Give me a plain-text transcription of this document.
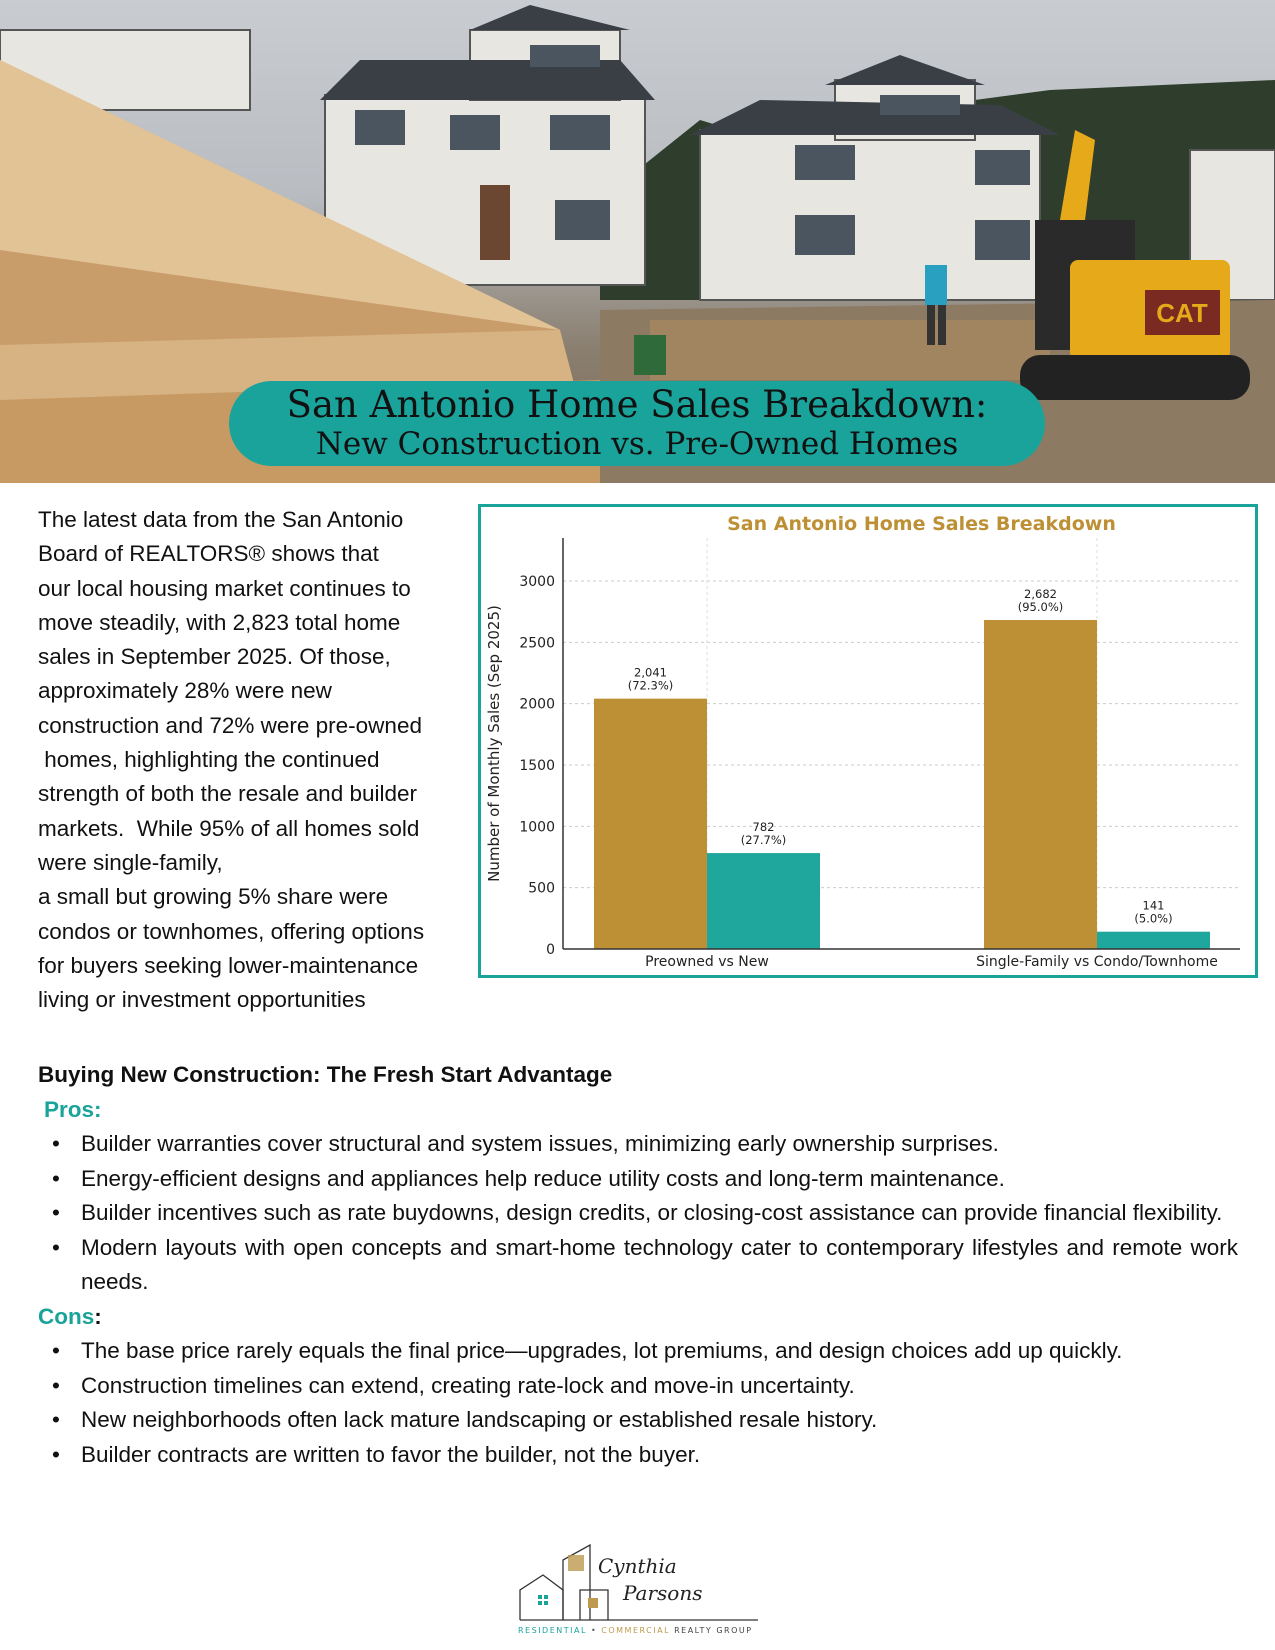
CAT
San Antonio Home Sales Breakdown:
New Construction vs. Pre-Owned Homes
The latest data from the San Antonio
Board of REALTORS® shows that
our local housing market continues to
move steadily, with 2,823 total home
sales in September 2025. Of those,
approximately 28% were new
construction and 72% were pre-owned
homes, highlighting the continued
strength of both the resale and builder
markets.  While 95% of all homes sold
were single-family,
a small but growing 5% share were
condos or townhomes, offering options
for buyers seeking lower-maintenance
living or investment opportunities
San Antonio Home Sales Breakdown
0
500
1000
1500
2000
2500
3000
2,041
(72.3%)
2,682
(95.0%)
782
(27.7%)
141
(5.0%)
Preowned vs New	Single-Family vs Condo/Townhome
Number of Monthly Sales (Sep 2025)
Buying New Construction: The Fresh Start Advantage
Pros:
• Builder warranties cover structural and system issues, minimizing early ownership surprises.
• Energy-efficient designs and appliances help reduce utility costs and long-term maintenance.
• Builder incentives such as rate buydowns, design credits, or closing-cost assistance can provide financial flexibility.
• Modern layouts with open concepts and smart-home technology cater to contemporary lifestyles and remote work needs.
Cons:
• The base price rarely equals the final price—upgrades, lot premiums, and design choices add up quickly.
• Construction timelines can extend, creating rate-lock and move-in uncertainty.
• New neighborhoods often lack mature landscaping or established resale history.
• Builder contracts are written to favor the builder, not the buyer.
Cynthia
Parsons
RESIDENTIAL • COMMERCIAL REALTY GROUP
